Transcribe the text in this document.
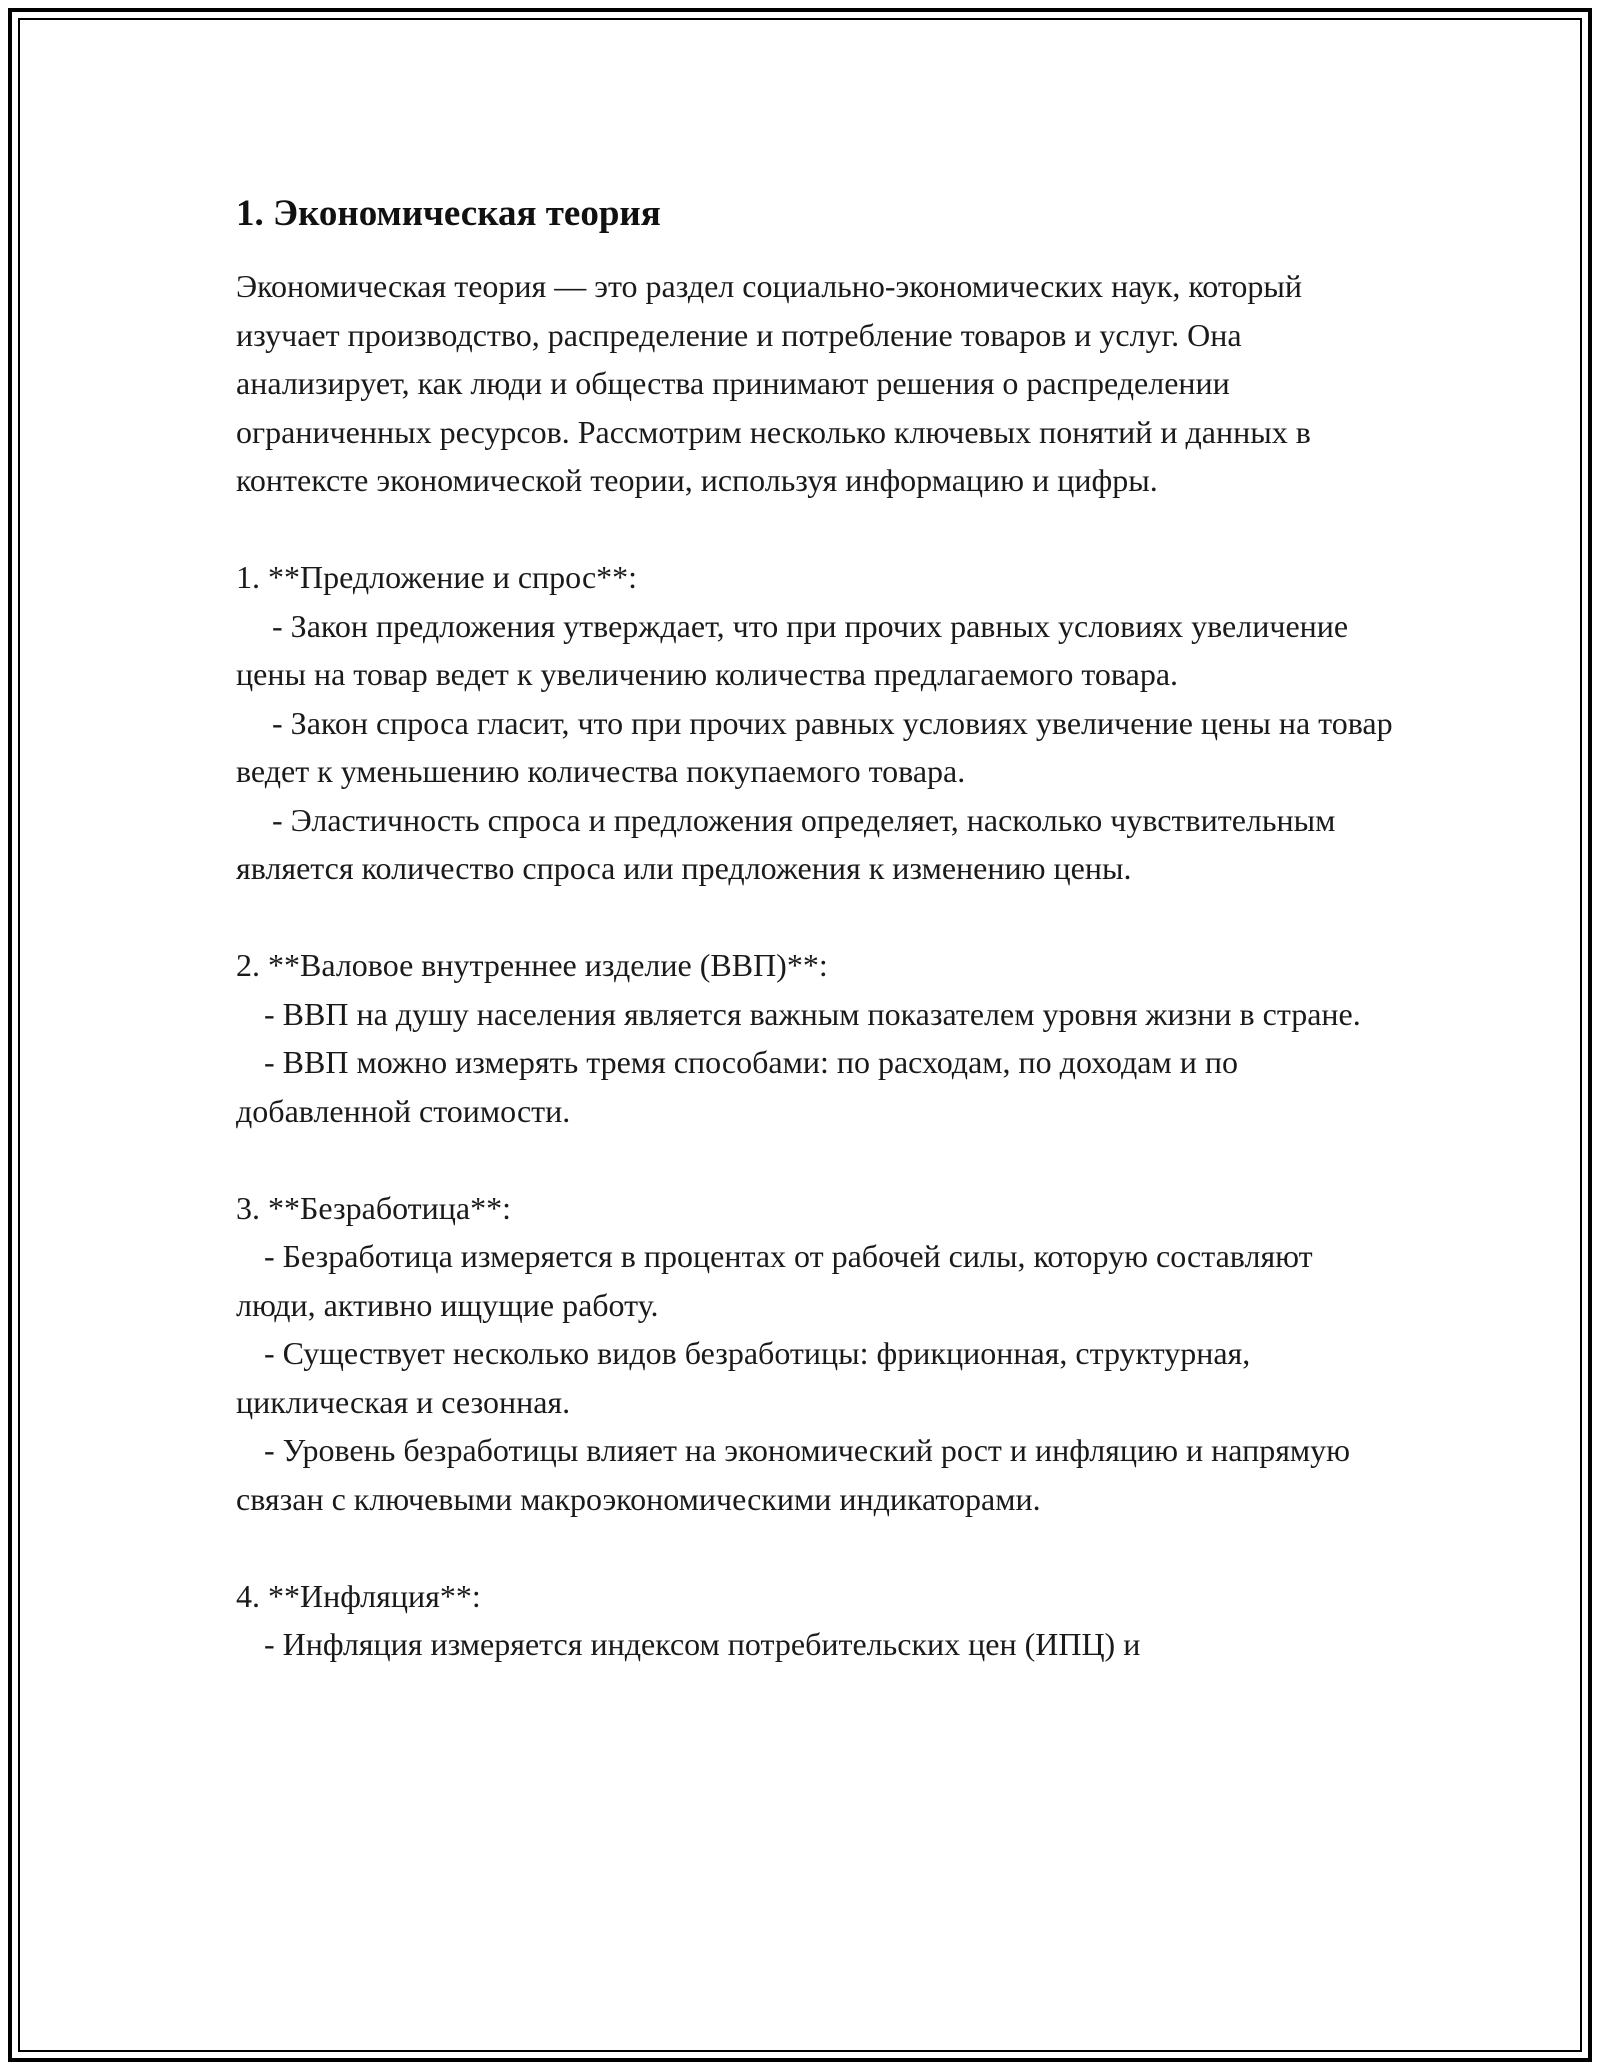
1. Экономическая теория

Экономическая теория — это раздел социально-экономических наук, который изучает производство, распределение и потребление товаров и услуг. Она анализирует, как люди и общества принимают решения о распределении ограниченных ресурсов. Рассмотрим несколько ключевых понятий и данных в контексте экономической теории, используя информацию и цифры.

1. **Предложение и спрос**:

- Закон предложения утверждает, что при прочих равных условиях увеличение цены на товар ведет к увеличению количества предлагаемого товара.

- Закон спроса гласит, что при прочих равных условиях увеличение цены на товар ведет к уменьшению количества покупаемого товара.

- Эластичность спроса и предложения определяет, насколько чувствительным является количество спроса или предложения к изменению цены.

2. **Валовое внутреннее изделие (ВВП)**:

- ВВП на душу населения является важным показателем уровня жизни в стране.

- ВВП можно измерять тремя способами: по расходам, по доходам и по добавленной стоимости.

3. **Безработица**:

- Безработица измеряется в процентах от рабочей силы, которую составляют люди, активно ищущие работу.

- Существует несколько видов безработицы: фрикционная, структурная, циклическая и сезонная.

- Уровень безработицы влияет на экономический рост и инфляцию и напрямую связан с ключевыми макроэкономическими индикаторами.

4. **Инфляция**:

- Инфляция измеряется индексом потребительских цен (ИПЦ) и
